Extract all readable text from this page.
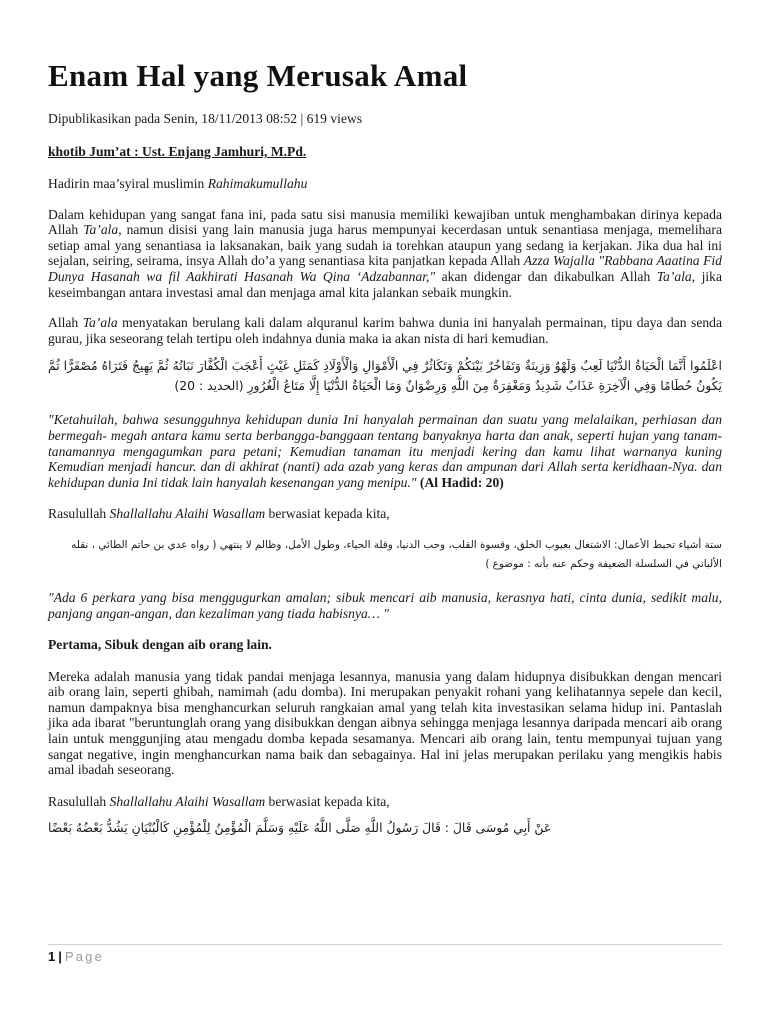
Enam Hal yang Merusak Amal
Dipublikasikan pada Senin, 18/11/2013 08:52 | 619 views
khotib Jum’at : Ust. Enjang Jamhuri, M.Pd.

Hadirin maa’syiral muslimin Rahimakumullahu

Dalam kehidupan yang sangat fana ini, pada satu sisi manusia memiliki kewajiban untuk menghambakan dirinya kepada Allah Ta’ala, namun disisi yang lain manusia juga harus mempunyai kecerdasan untuk senantiasa menjaga, memelihara setiap amal yang senantiasa ia laksanakan, baik yang sudah ia torehkan ataupun yang sedang ia kerjakan. Jika dua hal ini sejalan, seiring, seirama, insya Allah do’a yang senantiasa kita panjatkan kepada Allah Azza Wajalla "Rabbana Aaatina Fid Dunya Hasanah wa fil Aakhirati Hasanah Wa Qina ‘Adzabannar," akan didengar dan dikabulkan Allah Ta’ala, jika keseimbangan antara investasi amal dan menjaga amal kita jalankan sebaik mungkin.

Allah Ta’ala menyatakan berulang kali dalam alquranul karim bahwa dunia ini hanyalah permainan, tipu daya dan senda gurau, jika seseorang telah tertipu oleh indahnya dunia maka ia akan nista di hari kemudian.

اعْلَمُوا أَنَّمَا الْحَيَاةُ الدُّنْيَا لَعِبٌ وَلَهْوٌ وَزِينَةٌ وَتَفَاخُرٌ بَيْنَكُمْ وَتَكَاثُرٌ فِي الْأَمْوَالِ وَالْأَوْلَادِ كَمَثَلِ غَيْثٍ أَعْجَبَ الْكُفَّارَ نَبَاتُهُ ثُمَّ يَهِيجُ فَتَرَاهُ مُصْفَرًّا ثُمَّ يَكُونُ حُطَامًا وَفِي الْآخِرَةِ عَذَابٌ شَدِيدٌ وَمَغْفِرَةٌ مِنَ اللَّهِ وَرِضْوَانٌ وَمَا الْحَيَاةُ الدُّنْيَا إِلَّا مَتَاعُ الْغُرُورِ (الحديد : 20)

"Ketahuilah, bahwa sesungguhnya kehidupan dunia Ini hanyalah permainan dan suatu yang melalaikan, perhiasan dan bermegah- megah antara kamu serta berbangga-banggaan tentang banyaknya harta dan anak, seperti hujan yang tanam-tanamannya mengagumkan para petani; Kemudian tanaman itu menjadi kering dan kamu lihat warnanya kuning Kemudian menjadi hancur. dan di akhirat (nanti) ada azab yang keras dan ampunan dari Allah serta keridhaan-Nya. dan kehidupan dunia Ini tidak lain hanyalah kesenangan yang menipu." (Al Hadid: 20)

Rasulullah Shallallahu Alaihi Wasallam berwasiat kepada kita,

ستة أشياء تحبط الأعمال: الاشتغال بعيوب الخلق، وقسوة القلب، وحب الدنيا، وقلة الحياء، وطول الأمل، وظالم لا ينتهي ( رواه عدي بن حاتم الطائي ، نقله الألباني في السلسلة الضعيفة وحكم عنه بأنه : موضوع )

"Ada 6 perkara yang bisa menggugurkan amalan; sibuk mencari aib manusia, kerasnya hati, cinta dunia, sedikit malu, panjang angan-angan, dan kezaliman yang tiada habisnya… "

Pertama, Sibuk dengan aib orang lain.

Mereka adalah manusia yang tidak pandai menjaga lesannya, manusia yang dalam hidupnya disibukkan dengan mencari aib orang lain, seperti ghibah, namimah (adu domba). Ini merupakan penyakit rohani yang kelihatannya sepele dan kecil, namun dampaknya bisa menghancurkan seluruh rangkaian amal yang telah kita investasikan selama hidup ini. Pantaslah jika ada ibarat "beruntunglah orang yang disibukkan dengan aibnya sehingga menjaga lesannya daripada mencari aib orang lain untuk menggunjing atau mengadu domba kepada sesamanya. Mencari aib orang lain, tentu mempunyai tujuan yang sangat negative, ingin menghancurkan nama baik dan sebagainya. Hal ini jelas merupakan perilaku yang mengikis habis amal ibadah seseorang.

Rasulullah Shallallahu Alaihi Wasallam berwasiat kepada kita,

عَنْ أَبِي مُوسَى قَالَ : قَالَ رَسُولُ اللَّهِ صَلَّى اللَّهُ عَلَيْهِ وَسَلَّمَ الْمُؤْمِنُ لِلْمُؤْمِنِ كَالْبُنْيَانِ يَشُدُّ بَعْضُهُ بَعْضًا
1 | Page
